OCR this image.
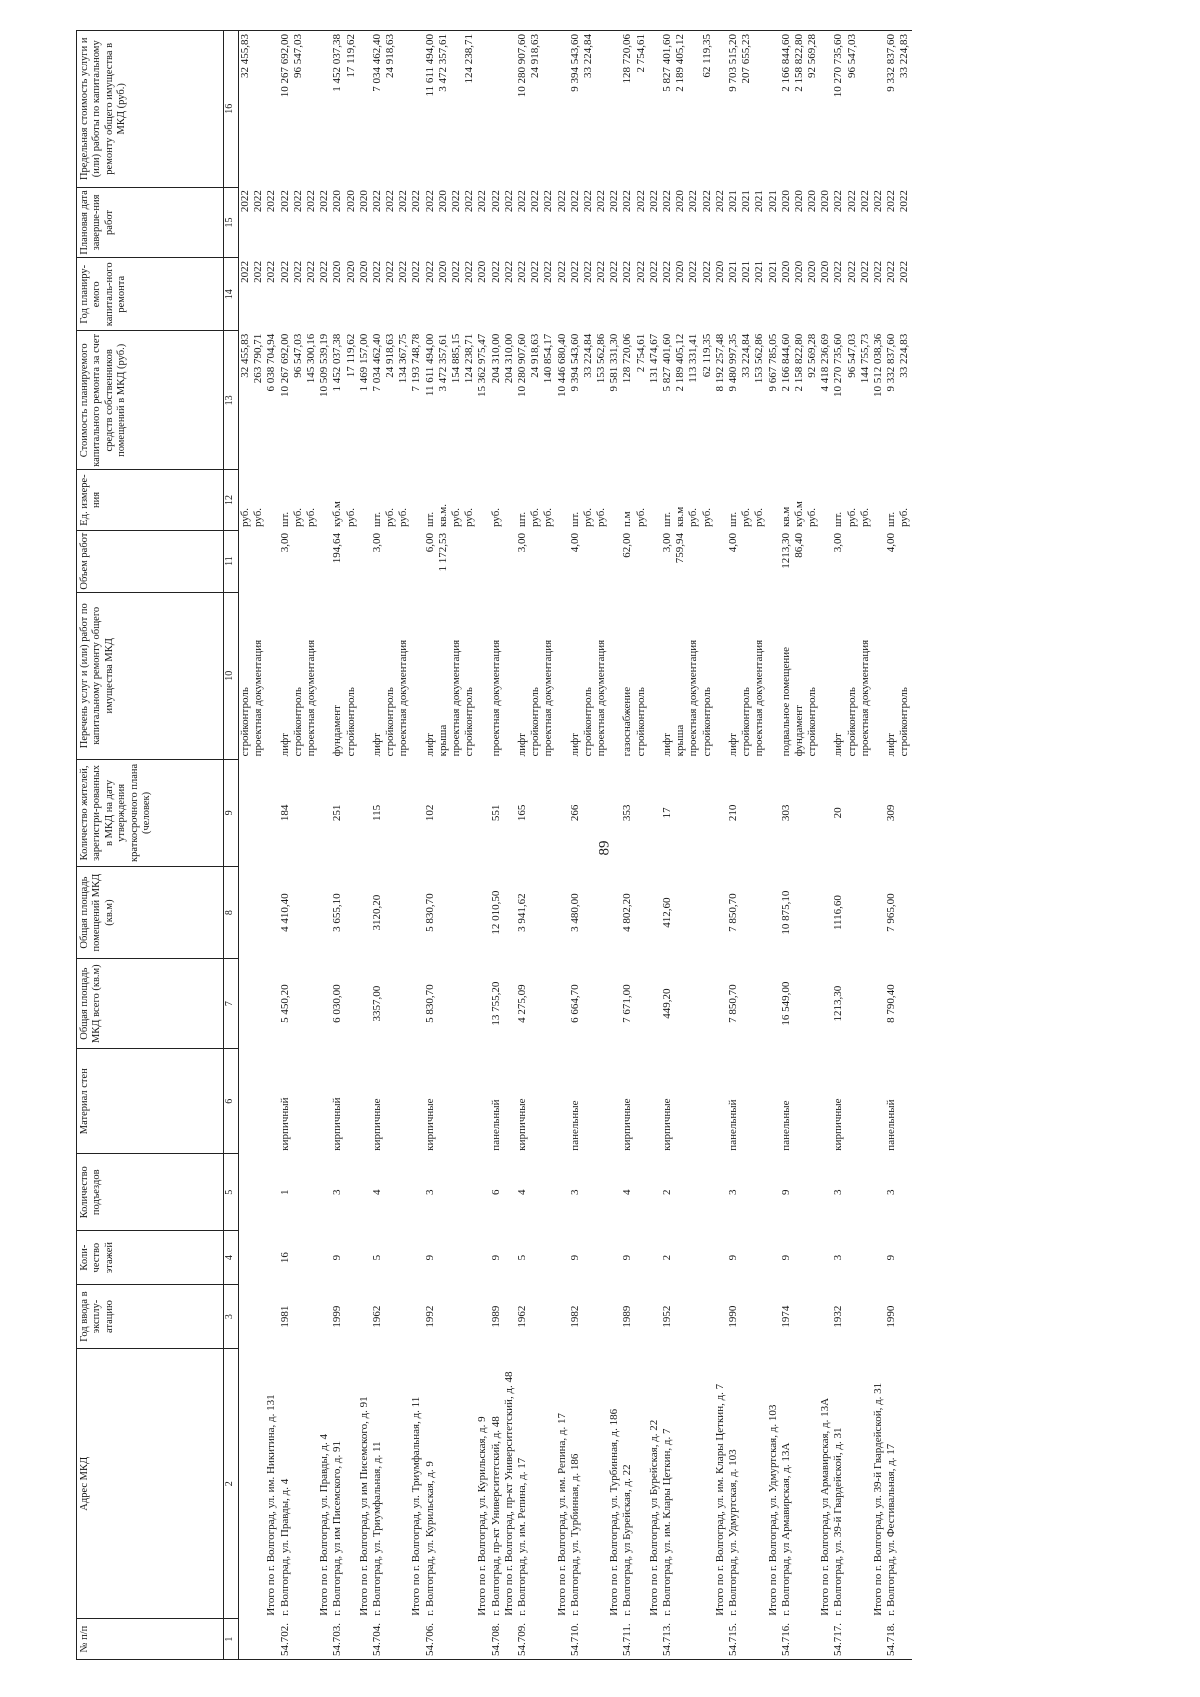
89
№ п/п	Адрес МКД	Год ввода в эксплу-атацию	Коли-чество этажей	Количество подъездов	Материал стен	Общая площадь МКД всего (кв.м)	Общая площадь помещений МКД (кв.м)	Количество жителей, зарегистри-рованных в МКД на дату утверждения краткосрочного плана (человек)	Перечень услуг и (или) работ по капитальному ремонту общего имущества МКД	Объем работ	Ед. измере-ния	Стоимость планируемого капитального ремонта за счет средств собственников помещений в МКД (руб.)	Год планиру-емого капиталь-ного ремонта	Плановая дата заверше-ния работ	Предельная стоимость услуги и (или) работы по капитальному ремонту общего имущества в МКД (руб.)
1	2	3	4	5	6	7	8	9	10	11	12	13	14	15	16
									стройконтроль		руб.	32 455,83	2022	2022	32 455,83
									проектная документация		руб.	263 790,71	2022	2022	
	Итого по г. Волгоград, ул. им. Никитина, д. 131											6 038 704,94	2022	2022	
54.702.	г. Волгоград, ул. Правды, д. 4	1981	16	1	кирпичный	5 450,20	4 410,40	184	лифт	3,00	шт.	10 267 692,00	2022	2022	10 267 692,00
									стройконтроль		руб.	96 547,03	2022	2022	96 547,03
									проектная документация		руб.	145 300,16	2022	2022	
	Итого по г. Волгоград, ул. Правды, д. 4											10 509 539,19	2022	2022	
54.703.	г. Волгоград, ул им Писемского, д. 91	1999	9	3	кирпичный	6 030,00	3 655,10	251	фундамент	194,64	куб.м	1 452 037,38	2020	2020	1 452 037,38
									стройконтроль		руб.	17 119,62	2020	2020	17 119,62
	Итого по г. Волгоград, ул им Писемского, д. 91											1 469 157,00	2020	2020	
54.704.	г. Волгоград, ул. Триумфальная, д. 11	1962	5	4	кирпичные	3357,00	3120,20	115	лифт	3,00	шт.	7 034 462,40	2022	2022	7 034 462,40
									стройконтроль		руб.	24 918,63	2022	2022	24 918,63
									проектная документация		руб.	134 367,75	2022	2022	
	Итого по г. Волгоград, ул. Триумфальная, д. 11											7 193 748,78	2022	2022	
54.706.	г. Волгоград, ул. Курильская, д. 9	1992	9	3	кирпичные	5 830,70	5 830,70	102	лифт	6,00	шт.	11 611 494,00	2022	2022	11 611 494,00
									крыша	1 172,53	кв.м.	3 472 357,61	2020	2020	3 472 357,61
									проектная документация		руб.	154 885,15	2022	2022	
									стройконтроль		руб.	124 238,71	2022	2022	124 238,71
	Итого по г. Волгоград, ул. Курильская, д. 9											15 362 975,47	2020	2022	
54.708.	г. Волгоград, пр-кт Университетский, д. 48	1989	9	6	панельный	13 755,20	12 010,50	551	проектная документация		руб.	204 310,00	2022	2022	
	Итого по г. Волгоград, пр-кт Университетский, д. 48											204 310,00	2022	2022	
54.709.	г. Волгоград, ул. им. Репина, д. 17	1962	5	4	кирпичные	4 275,09	3 941,62	165	лифт	3,00	шт.	10 280 907,60	2022	2022	10 280 907,60
									стройконтроль		руб.	24 918,63	2022	2022	24 918,63
									проектная документация		руб.	140 854,17	2022	2022	
	Итого по г. Волгоград, ул. им. Репина, д. 17											10 446 680,40	2022	2022	
54.710.	г. Волгоград, ул. Турбинная, д. 186	1982	9	3	панельные	6 664,70	3 480,00	266	лифт	4,00	шт.	9 394 543,60	2022	2022	9 394 543,60
									стройконтроль		руб.	33 224,84	2022	2022	33 224,84
									проектная документация		руб.	153 562,86	2022	2022	
	Итого по г. Волгоград, ул. Турбинная, д. 186											9 581 331,30	2022	2022	
54.711.	г. Волгоград, ул Бурейская, д. 22	1989	9	4	кирпичные	7 671,00	4 802,20	353	газоснабжение	62,00	п.м	128 720,06	2022	2022	128 720,06
									стройконтроль		руб.	2 754,61	2022	2022	2 754,61
	Итого по г. Волгоград, ул Бурейская, д. 22											131 474,67	2022	2022	
54.713.	г. Волгоград, ул. им. Клары Цеткин, д. 7	1952	2	2	кирпичные	449,20	412,60	17	лифт	3,00	шт.	5 827 401,60	2022	2022	5 827 401,60
									крыша	759,94	кв.м	2 189 405,12	2020	2020	2 189 405,12
									проектная документация		руб.	113 331,41	2022	2022	
									стройконтроль		руб.	62 119,35	2022	2022	62 119,35
	Итого по г. Волгоград, ул. им. Клары Цеткин, д. 7											8 192 257,48	2020	2022	
54.715.	г. Волгоград, ул. Удмуртская, д. 103	1990	9	3	панельный	7 850,70	7 850,70	210	лифт	4,00	шт.	9 480 997,35	2021	2021	9 703 515,20
									стройконтроль		руб.	33 224,84	2021	2021	207 655,23
									проектная документация		руб.	153 562,86	2021	2021	
	Итого по г. Волгоград, ул. Удмуртская, д. 103											9 667 785,05	2021	2021	
54.716.	г. Волгоград, ул Армавирская, д. 13А	1974	9	9	панельные	16 549,00	10 875,10	303	подвальное помещение	1213,30	кв.м	2 166 844,60	2020	2020	2 166 844,60
									фундамент	86,40	куб.м	2 158 822,80	2020	2020	2 158 822,80
									стройконтроль		руб.	92 569,28	2020	2020	92 569,28
	Итого по г. Волгоград, ул Армавирская, д. 13А											4 418 236,69	2020	2020	
54.717.	г. Волгоград, ул. 39-й Гвардейской, д. 31	1932	3	3	кирпичные	1213,30	1116,60	20	лифт	3,00	шт.	10 270 735,60	2022	2022	10 270 735,60
									стройконтроль		руб.	96 547,03	2022	2022	96 547,03
									проектная документация		руб.	144 755,73	2022	2022	
	Итого по г. Волгоград, ул. 39-й Гвардейской, д. 31											10 512 038,36	2022	2022	
54.718.	г. Волгоград, ул. Фестивальная, д. 17	1990	9	3	панельный	8 790,40	7 965,00	309	лифт	4,00	шт.	9 332 837,60	2022	2022	9 332 837,60
									стройконтроль		руб.	33 224,83	2022	2022	33 224,83
